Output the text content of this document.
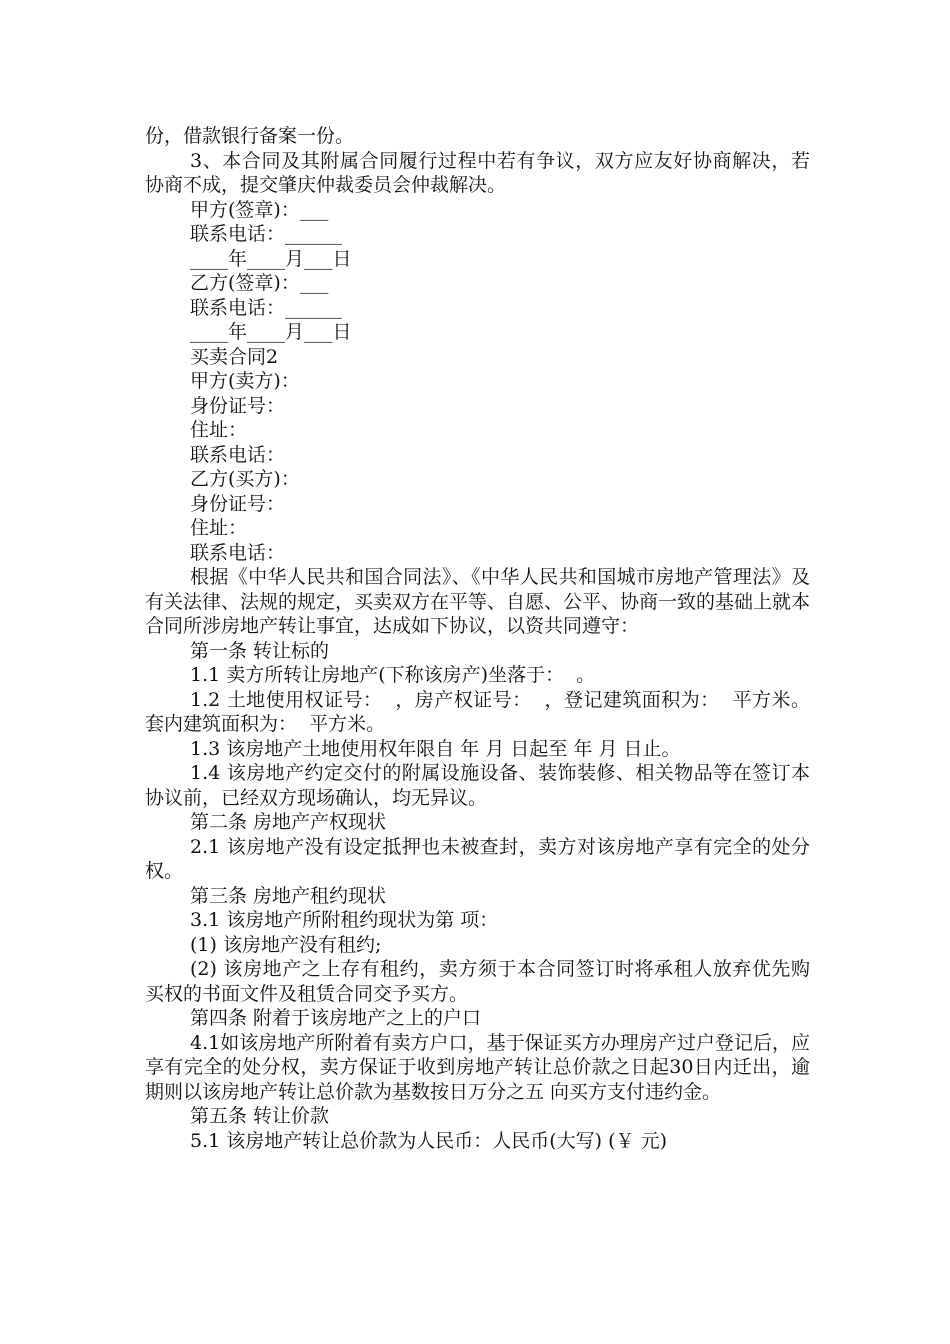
份，借款银行备案一份。

3、本合同及其附属合同履行过程中若有争议，双方应友好协商解决，若协商不成，提交肇庆仲裁委员会仲裁解决。

甲方(签章)：___

联系电话：______

____年____月___日

乙方(签章)：___

联系电话：______

____年____月___日

买卖合同2

甲方(卖方)：

身份证号：

住址：

联系电话：

乙方(买方)：

身份证号：

住址：

联系电话：

根据《中华人民共和国合同法》、《中华人民共和国城市房地产管理法》及有关法律、法规的规定，买卖双方在平等、自愿、公平、协商一致的基础上就本合同所涉房地产转让事宜，达成如下协议，以资共同遵守：

第一条 转让标的

1.1 卖方所转让房地产(下称该房产)坐落于：  。

1.2 土地使用权证号：  ，房产权证号：  ，登记建筑面积为：  平方米。套内建筑面积为：  平方米。

1.3 该房地产土地使用权年限自 年 月 日起至 年 月 日止。

1.4 该房地产约定交付的附属设施设备、装饰装修、相关物品等在签订本协议前，已经双方现场确认，均无异议。

第二条 房地产产权现状

2.1 该房地产没有设定抵押也未被查封，卖方对该房地产享有完全的处分权。

第三条 房地产租约现状

3.1 该房地产所附租约现状为第 项：

(1) 该房地产没有租约;

(2) 该房地产之上存有租约，卖方须于本合同签订时将承租人放弃优先购买权的书面文件及租赁合同交予买方。

第四条 附着于该房地产之上的户口

4.1如该房地产所附着有卖方户口，基于保证买方办理房产过户登记后，应享有完全的处分权，卖方保证于收到房地产转让总价款之日起30日内迁出，逾期则以该房地产转让总价款为基数按日万分之五 向买方支付违约金。

第五条 转让价款

5.1 该房地产转让总价款为人民币：人民币(大写) (￥ 元)
